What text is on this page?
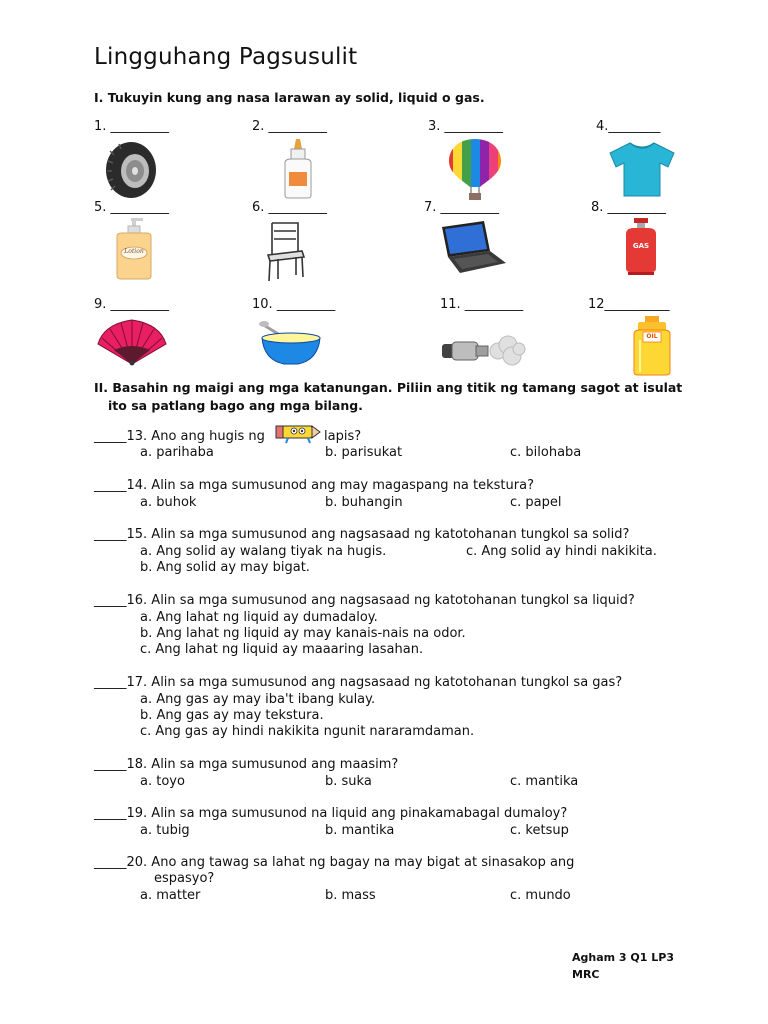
Lingguhang Pagsusulit
I. Tukuyin kung ang nasa larawan ay solid, liquid o gas.
1. _________	2. _________	3. _________	4.________
5. _________	6. _________	7. _________	8. _________
Lotion
GAS
9. _________	10. _________	11. _________	12__________
OIL
II. Basahin ng maigi ang mga katanungan. Piliin ang titik ng tamang sagot at isulat
ito sa patlang bago ang mga bilang.
_____13. Ano ang hugis ng	lapis?
a. parihaba	b. parisukat	c. bilohaba
_____14. Alin sa mga sumusunod ang may magaspang na tekstura?
a. buhok	b. buhangin	c. papel
_____15. Alin sa mga sumusunod ang nagsasaad ng katotohanan tungkol sa solid?
a. Ang solid ay walang tiyak na hugis.	c. Ang solid ay hindi nakikita.
b. Ang solid ay may bigat.
_____16. Alin sa mga sumusunod ang nagsasaad ng katotohanan tungkol sa liquid?
a. Ang lahat ng liquid ay dumadaloy.
b. Ang lahat ng liquid ay may kanais-nais na odor.
c. Ang lahat ng liquid ay maaaring lasahan.
_____17. Alin sa mga sumusunod ang nagsasaad ng katotohanan tungkol sa gas?
a. Ang gas ay may iba't ibang kulay.
b. Ang gas ay may tekstura.
c. Ang gas ay hindi nakikita ngunit nararamdaman.
_____18. Alin sa mga sumusunod ang maasim?
a. toyo	b. suka	c. mantika
_____19. Alin sa mga sumusunod na liquid ang pinakamabagal dumaloy?
a. tubig	b. mantika	c. ketsup
_____20. Ano ang tawag sa lahat ng bagay na may bigat at sinasakop ang
espasyo?
a. matter	b. mass	c. mundo
Agham 3 Q1 LP3
MRC
